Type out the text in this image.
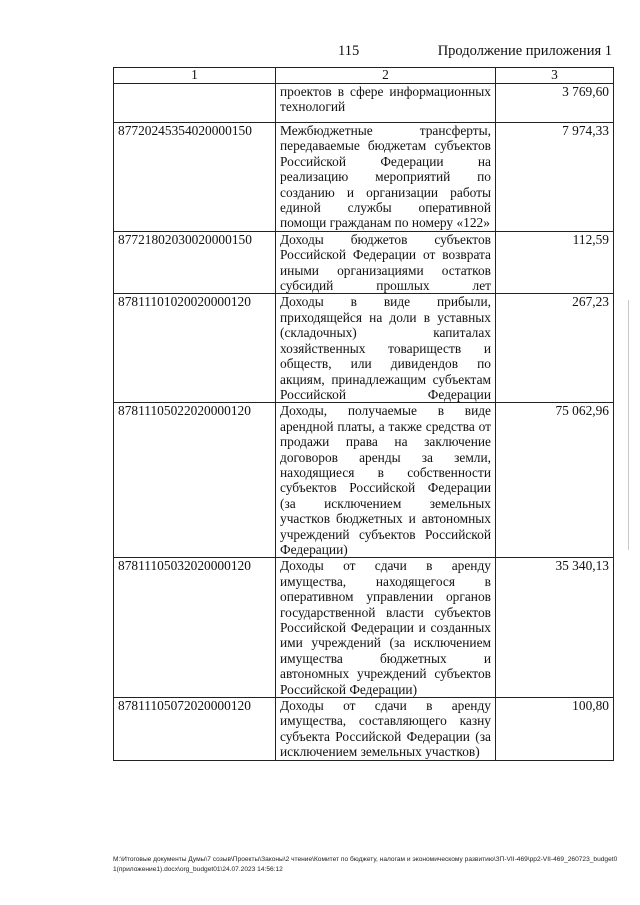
115	Продолжение приложения 1
1	2	3
	проектов в сфере информационных технологий	3 769,60
87720245354020000150	Межбюджетные трансферты, передаваемые бюджетам субъектов Российской Федерации на реализацию мероприятий по созданию и организации работы единой службы оперативной помощи гражданам по номеру «122»	7 974,33
87721802030020000150	Доходы бюджетов субъектов Российской Федерации от возврата иными организациями остатков субсидий прошлых лет	112,59
87811101020020000120	Доходы в виде прибыли, приходящейся на доли в уставных (складочных) капиталах хозяйственных товариществ и обществ, или дивидендов по акциям, принадлежащим субъектам Российской Федерации	267,23
87811105022020000120	Доходы, получаемые в виде арендной платы, а также средства от продажи права на заключение договоров аренды за земли, находящиеся в собственности субъектов Российской Федерации (за исключением земельных участков бюджетных и автономных учреждений субъектов Российской Федерации)	75 062,96
87811105032020000120	Доходы от сдачи в аренду имущества, находящегося в оперативном управлении органов государственной власти субъектов Российской Федерации и созданных ими учреждений (за исключением имущества бюджетных и автономных учреждений субъектов Российской Федерации)	35 340,13
87811105072020000120	Доходы от сдачи в аренду имущества, составляющего казну субъекта Российской Федерации (за исключением земельных участков)	100,80
М:\Итоговые документы Думы\7 созыв\Проекты\Законы\2 чтение\Комитет по бюджету, налогам и экономическому развитию\ЗП-VII-469\рр2-VII-469_260723_budget01(приложение1).docx\org_budget01\24.07.2023 14:56:12
